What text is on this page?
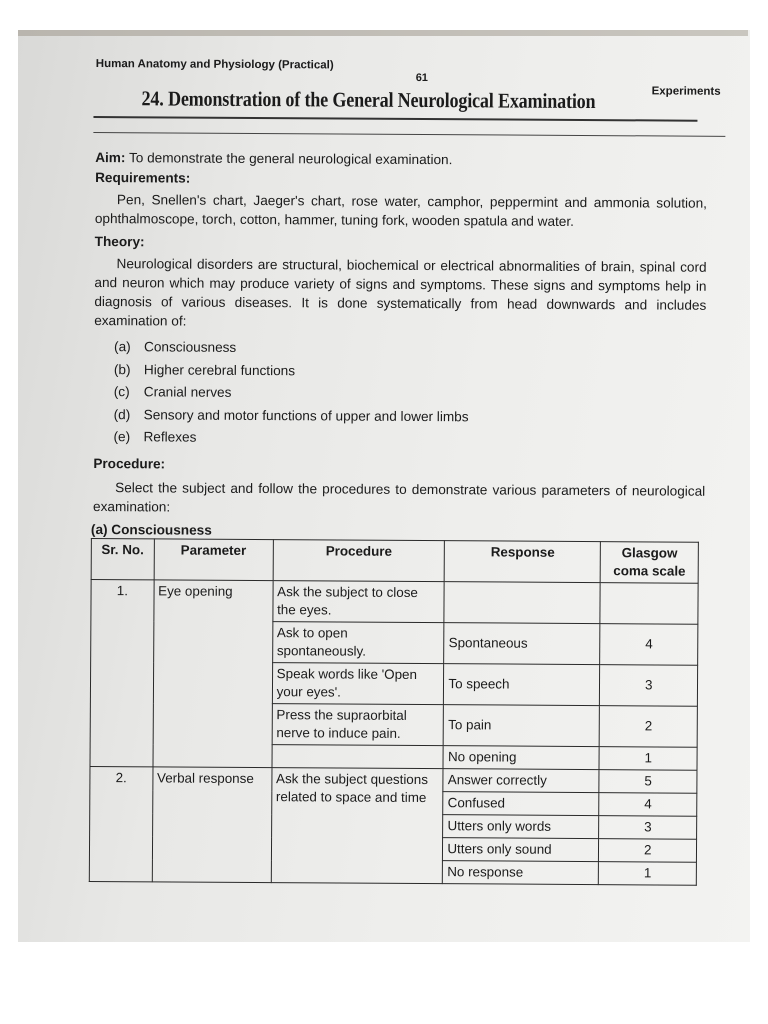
Human Anatomy and Physiology (Practical)
61
Experiments
24. Demonstration of the General Neurological Examination
Aim: To demonstrate the general neurological examination.
Requirements:
Pen, Snellen's chart, Jaeger's chart, rose water, camphor, peppermint and ammonia solution, ophthalmoscope, torch, cotton, hammer, tuning fork, wooden spatula and water.
Theory:
Neurological disorders are structural, biochemical or electrical abnormalities of brain, spinal cord and neuron which may produce variety of signs and symptoms. These signs and symptoms help in diagnosis of various diseases. It is done systematically from head downwards and includes examination of:
(a) Consciousness
(b) Higher cerebral functions
(c) Cranial nerves
(d) Sensory and motor functions of upper and lower limbs
(e) Reflexes
Procedure:
Select the subject and follow the procedures to demonstrate various parameters of neurological examination:
(a) Consciousness
Sr. No.	Parameter	Procedure	Response	Glasgow coma scale
1.	Eye opening	Ask the subject to close the eyes.		
		Ask to open spontaneously.	Spontaneous	4
		Speak words like 'Open your eyes'.	To speech	3
		Press the supraorbital nerve to induce pain.	To pain	2
			No opening	1
2.	Verbal response	Ask the subject questions related to space and time	Answer correctly	5
			Confused	4
			Utters only words	3
			Utters only sound	2
			No response	1
